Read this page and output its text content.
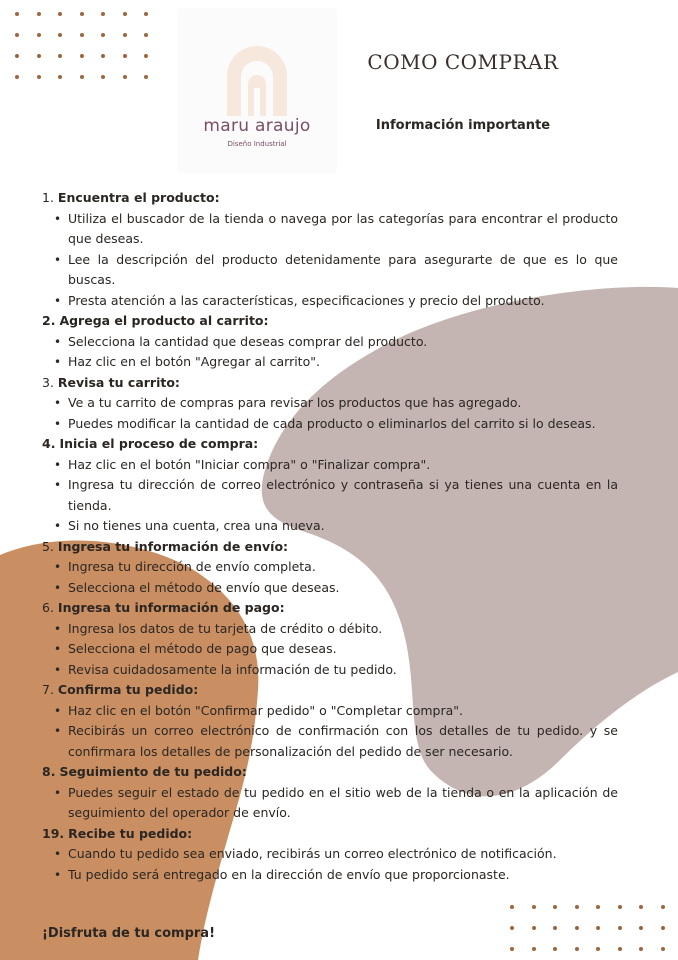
maru araujo
Diseño Industrial
COMO COMPRAR
Información importante
1. Encuentra el producto:
• Utiliza el buscador de la tienda o navega por las categorías para encontrar el producto que deseas.
• Lee la descripción del producto detenidamente para asegurarte de que es lo que buscas.
• Presta atención a las características, especificaciones y precio del producto.
2. Agrega el producto al carrito:
• Selecciona la cantidad que deseas comprar del producto.
• Haz clic en el botón "Agregar al carrito".
3. Revisa tu carrito:
• Ve a tu carrito de compras para revisar los productos que has agregado.
• Puedes modificar la cantidad de cada producto o eliminarlos del carrito si lo deseas.
4. Inicia el proceso de compra:
• Haz clic en el botón "Iniciar compra" o "Finalizar compra".
• Ingresa tu dirección de correo electrónico y contraseña si ya tienes una cuenta en la tienda.
• Si no tienes una cuenta, crea una nueva.
5. Ingresa tu información de envío:
• Ingresa tu dirección de envío completa.
• Selecciona el método de envío que deseas.
6. Ingresa tu información de pago:
• Ingresa los datos de tu tarjeta de crédito o débito.
• Selecciona el método de pago que deseas.
• Revisa cuidadosamente la información de tu pedido.
7. Confirma tu pedido:
• Haz clic en el botón "Confirmar pedido" o "Completar compra".
• Recibirás un correo electrónico de confirmación con los detalles de tu pedido. y se confirmara los detalles de personalización del pedido de ser necesario.
8. Seguimiento de tu pedido:
• Puedes seguir el estado de tu pedido en el sitio web de la tienda o en la aplicación de seguimiento del operador de envío.
19. Recibe tu pedido:
• Cuando tu pedido sea enviado, recibirás un correo electrónico de notificación.
• Tu pedido será entregado en la dirección de envío que proporcionaste.
¡Disfruta de tu compra!
